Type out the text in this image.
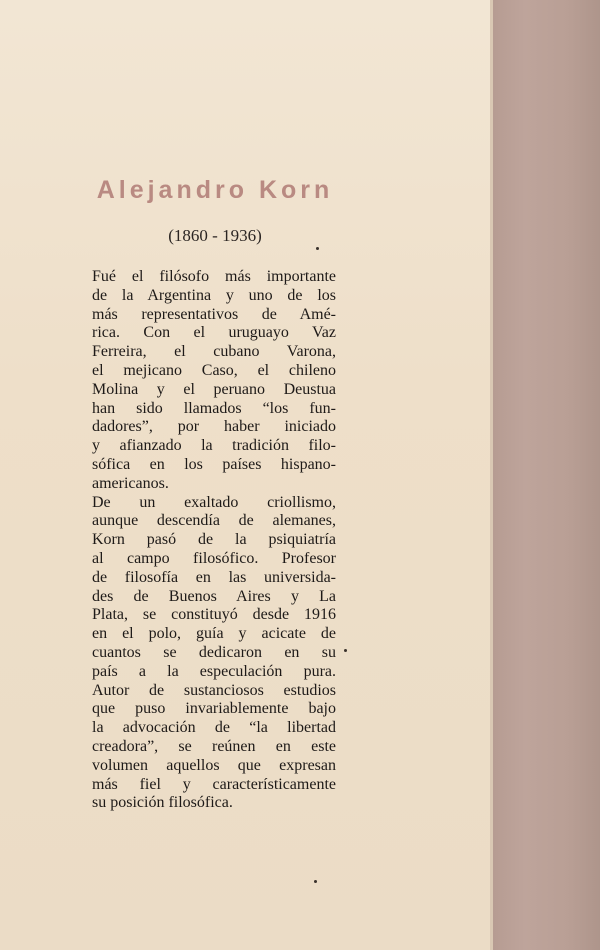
Alejandro Korn
(1860 - 1936)
Fué el filósofo más importante
de la Argentina y uno de los
más representativos de Amé-
rica. Con el uruguayo Vaz
Ferreira, el cubano Varona,
el mejicano Caso, el chileno
Molina y el peruano Deustua
han sido llamados “los fun-
dadores”, por haber iniciado
y afianzado la tradición filo-
sófica en los países hispano-
americanos.
De un exaltado criollismo,
aunque descendía de alemanes,
Korn pasó de la psiquiatría
al campo filosófico. Profesor
de filosofía en las universida-
des de Buenos Aires y La
Plata, se constituyó desde 1916
en el polo, guía y acicate de
cuantos se dedicaron en su
país a la especulación pura.
Autor de sustanciosos estudios
que puso invariablemente bajo
la advocación de “la libertad
creadora”, se reúnen en este
volumen aquellos que expresan
más fiel y característicamente
su posición filosófica.
